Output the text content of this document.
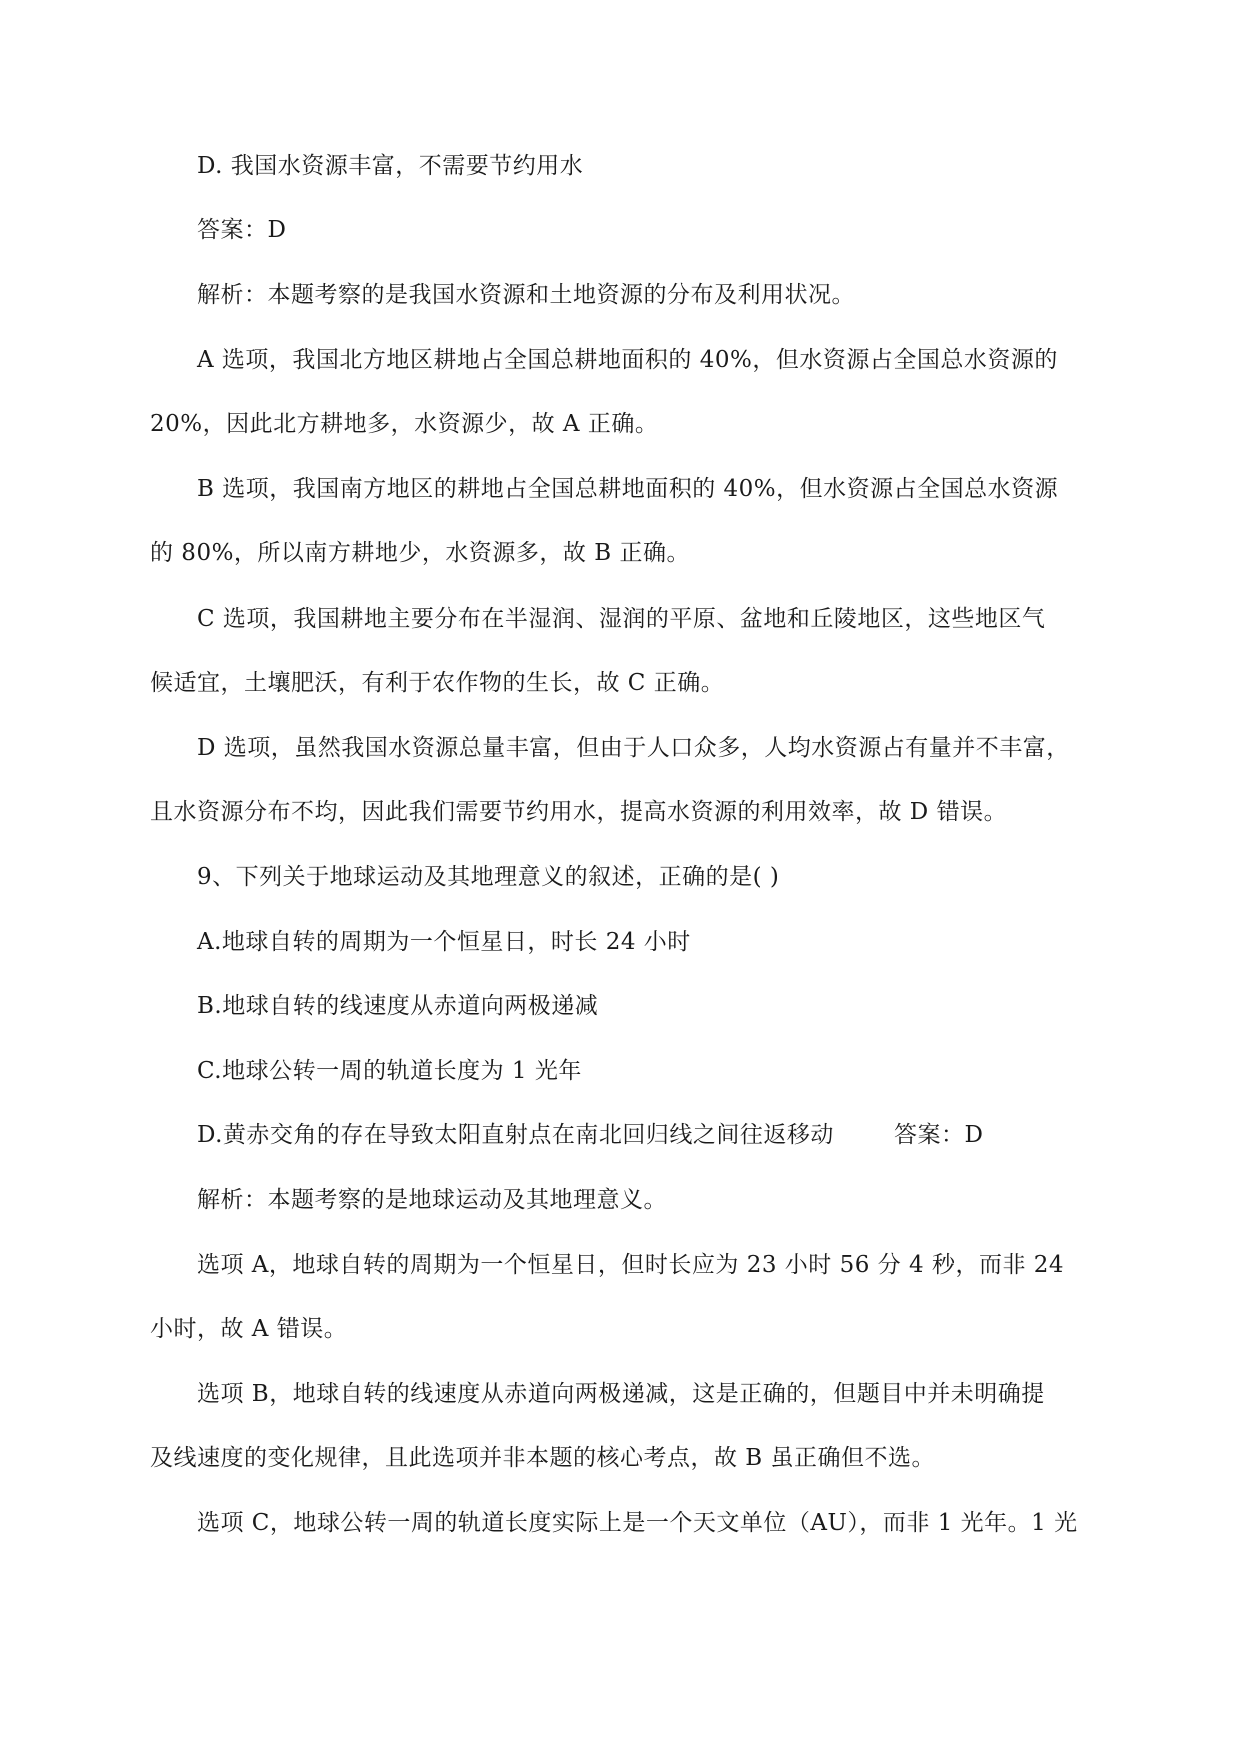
D. 我国水资源丰富，不需要节约用水
答案：D
解析：本题考察的是我国水资源和土地资源的分布及利用状况。
A 选项，我国北方地区耕地占全国总耕地面积的 40%，但水资源占全国总水资源的
20%，因此北方耕地多，水资源少，故 A 正确。
B 选项，我国南方地区的耕地占全国总耕地面积的 40%，但水资源占全国总水资源
的 80%，所以南方耕地少，水资源多，故 B 正确。
C 选项，我国耕地主要分布在半湿润、湿润的平原、盆地和丘陵地区，这些地区气
候适宜，土壤肥沃，有利于农作物的生长，故 C 正确。
D 选项，虽然我国水资源总量丰富，但由于人口众多，人均水资源占有量并不丰富，
且水资源分布不均，因此我们需要节约用水，提高水资源的利用效率，故 D 错误。
9、下列关于地球运动及其地理意义的叙述，正确的是( )
A.地球自转的周期为一个恒星日，时长 24 小时
B.地球自转的线速度从赤道向两极递减
C.地球公转一周的轨道长度为 1 光年
D.黄赤交角的存在导致太阳直射点在南北回归线之间往返移动	答案：D
解析：本题考察的是地球运动及其地理意义。
选项 A，地球自转的周期为一个恒星日，但时长应为 23 小时 56 分 4 秒，而非 24
小时，故 A 错误。
选项 B，地球自转的线速度从赤道向两极递减，这是正确的，但题目中并未明确提
及线速度的变化规律，且此选项并非本题的核心考点，故 B 虽正确但不选。
选项 C，地球公转一周的轨道长度实际上是一个天文单位（AU），而非 1 光年。1 光
